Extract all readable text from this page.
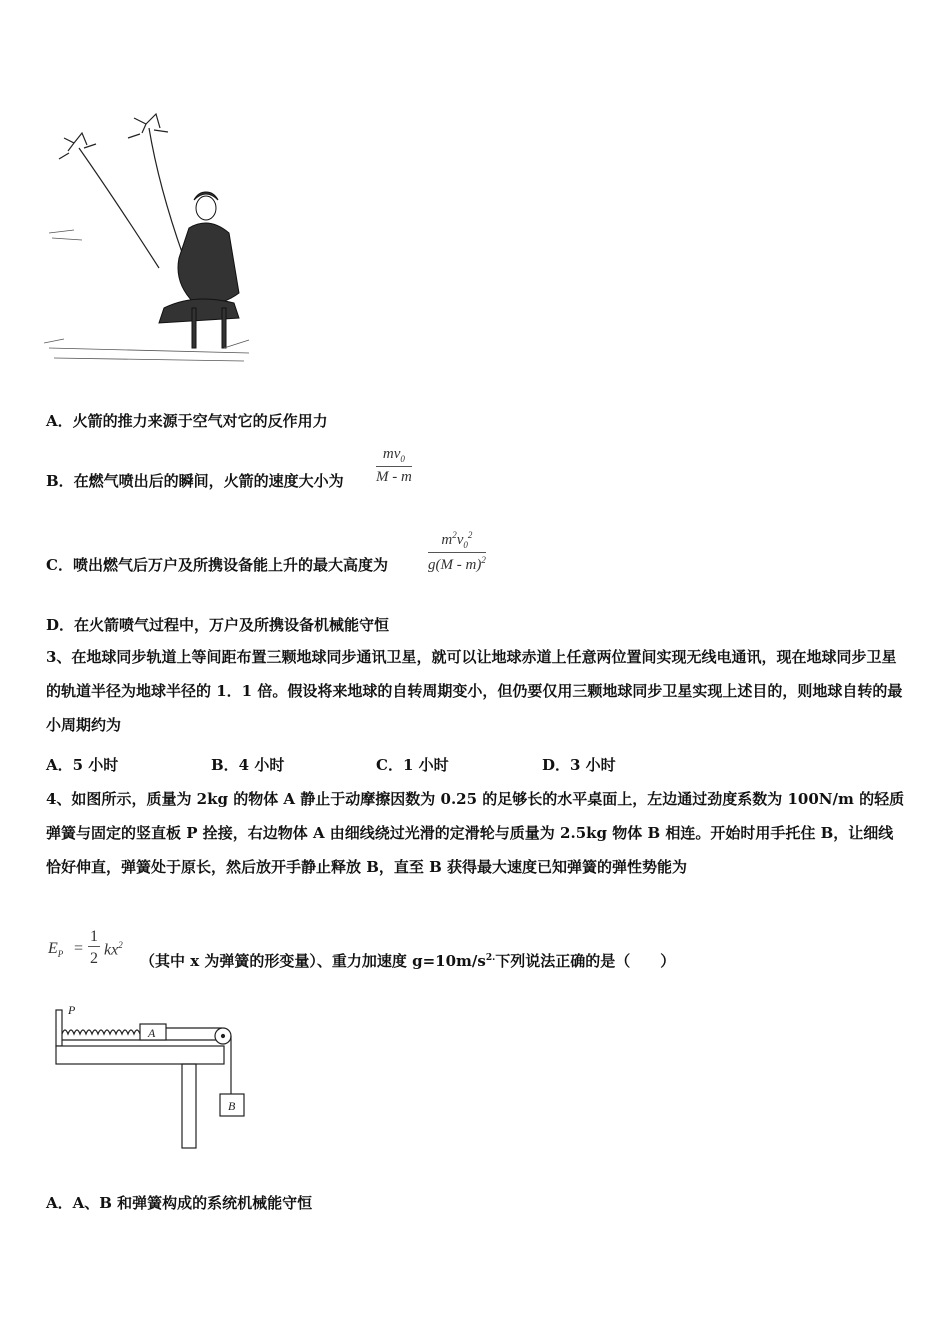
A．火箭的推力来源于空气对它的反作用力
B．在燃气喷出后的瞬间，火箭的速度大小为 $\frac{mv_0}{M - m}$
C．喷出燃气后万户及所携设备能上升的最大高度为	$\frac{m^2v_0^2}{g(M - m)^2}$
D．在火箭喷气过程中，万户及所携设备机械能守恒
3、在地球同步轨道上等间距布置三颗地球同步通讯卫星，就可以让地球赤道上任意两位置间实现无线电通讯，现在地球同步卫星的轨道半径为地球半径的 1．1 倍。假设将来地球的自转周期变小，但仍要仅用三颗地球同步卫星实现上述目的，则地球自转的最小周期约为
A．5 小时	B．4 小时	C．1 小时	D．3 小时
4、如图所示，质量为 2kg 的物体 A 静止于动摩擦因数为 0.25 的足够长的水平桌面上，左边通过劲度系数为 100N/m 的轻质弹簧与固定的竖直板 P 拴接，右边物体 A 由细线绕过光滑的定滑轮与质量为 2.5kg 物体 B 相连。开始时用手托住 B，让细线恰好伸直，弹簧处于原长，然后放开手静止释放 B，直至 B 获得最大速度已知弹簧的弹性势能为
$E_P$ =
1
2
$kx^2$
（其中 x 为弹簧的形变量）、重力加速度 $g=10m/s^{2.}$下列说法正确的是（　　）
P
A
B
A．A、B 和弹簧构成的系统机械能守恒
